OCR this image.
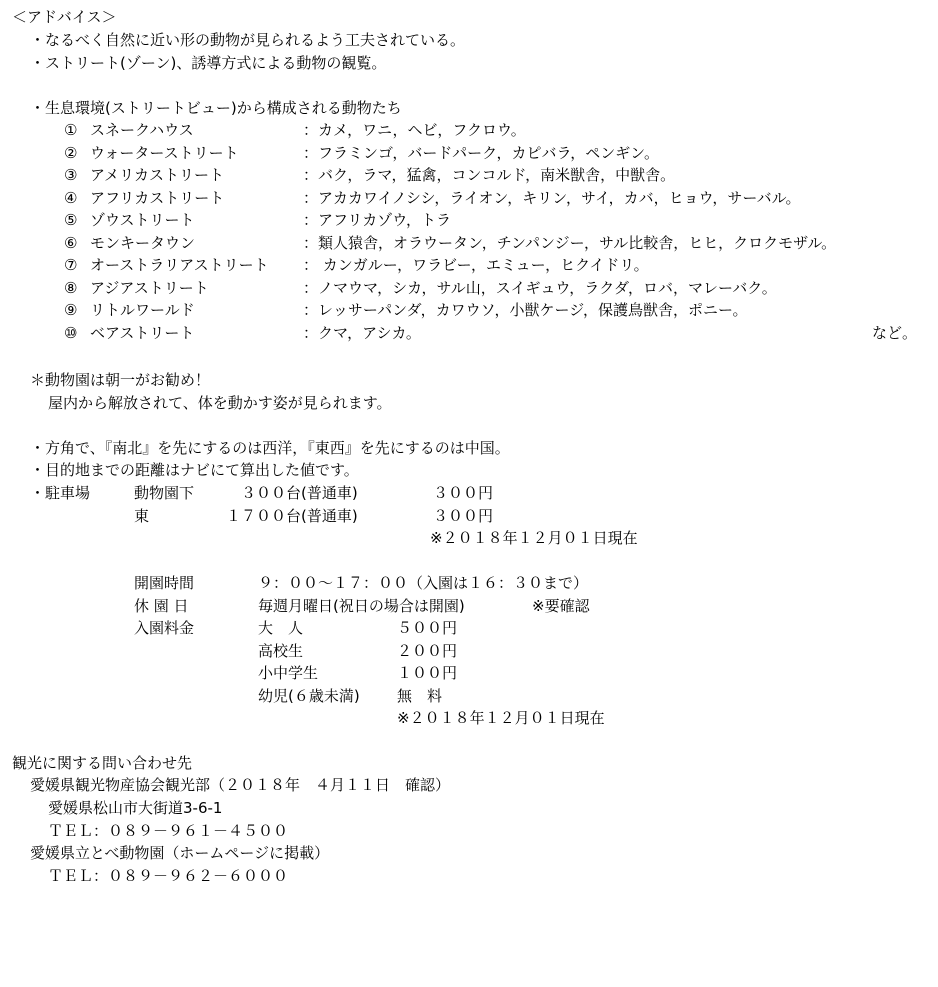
＜アドバイス＞
・なるべく自然に近い形の動物が見られるよう工夫されている。
・ストリート(ゾーン)、誘導方式による動物の観覧。
・生息環境(ストリートビュー)から構成される動物たち
① スネークハウス	：カメ，ワニ，ヘビ，フクロウ。
② ウォーターストリート	：フラミンゴ，バードパーク，カピバラ，ペンギン。
③ アメリカストリート	：バク，ラマ，猛禽，コンコルド，南米獣舎，中獣舎。
④ アフリカストリート	：アカカワイノシシ，ライオン，キリン，サイ，カバ，ヒョウ，サーバル。
⑤ ゾウストリート	：アフリカゾウ，トラ
⑥ モンキータウン	：類人猿舎，オラウータン，チンパンジー，サル比較舎，ヒヒ，クロクモザル。
⑦ オーストラリアストリート ： カンガルー，ワラビー，エミュー，ヒクイドリ。
⑧ アジアストリート	：ノマウマ，シカ，サル山，スイギュウ，ラクダ，ロバ，マレーバク。
⑨ リトルワールド	：レッサーパンダ，カワウソ，小獣ケージ，保護鳥獣舎，ポニー。
⑩ ベアストリート	：クマ，アシカ。	など。
＊動物園は朝一がお勧め！
屋内から解放されて、体を動かす姿が見られます。
・方角で、『南北』を先にするのは西洋，『東西』を先にするのは中国。
・目的地までの距離はナビにて算出した値です。
・駐車場	動物園下	３００台(普通車)	３００円
東	１７００台(普通車)	３００円
※２０１８年１２月０１日現在
開園時間	９：００～１７：００（入園は１６：３０まで）
休 園 日	毎週月曜日(祝日の場合は開園)	※要確認
入園料金	大　人	５００円
高校生	２００円
小中学生	１００円
幼児(６歳未満) 無　料
※２０１８年１２月０１日現在
観光に関する問い合わせ先
愛媛県観光物産協会観光部（２０１８年　４月１１日　確認）
愛媛県松山市大街道3-6-1
ＴＥＬ：０８９－９６１－４５００
愛媛県立とべ動物園（ホームページに掲載）
ＴＥＬ：０８９－９６２－６０００
